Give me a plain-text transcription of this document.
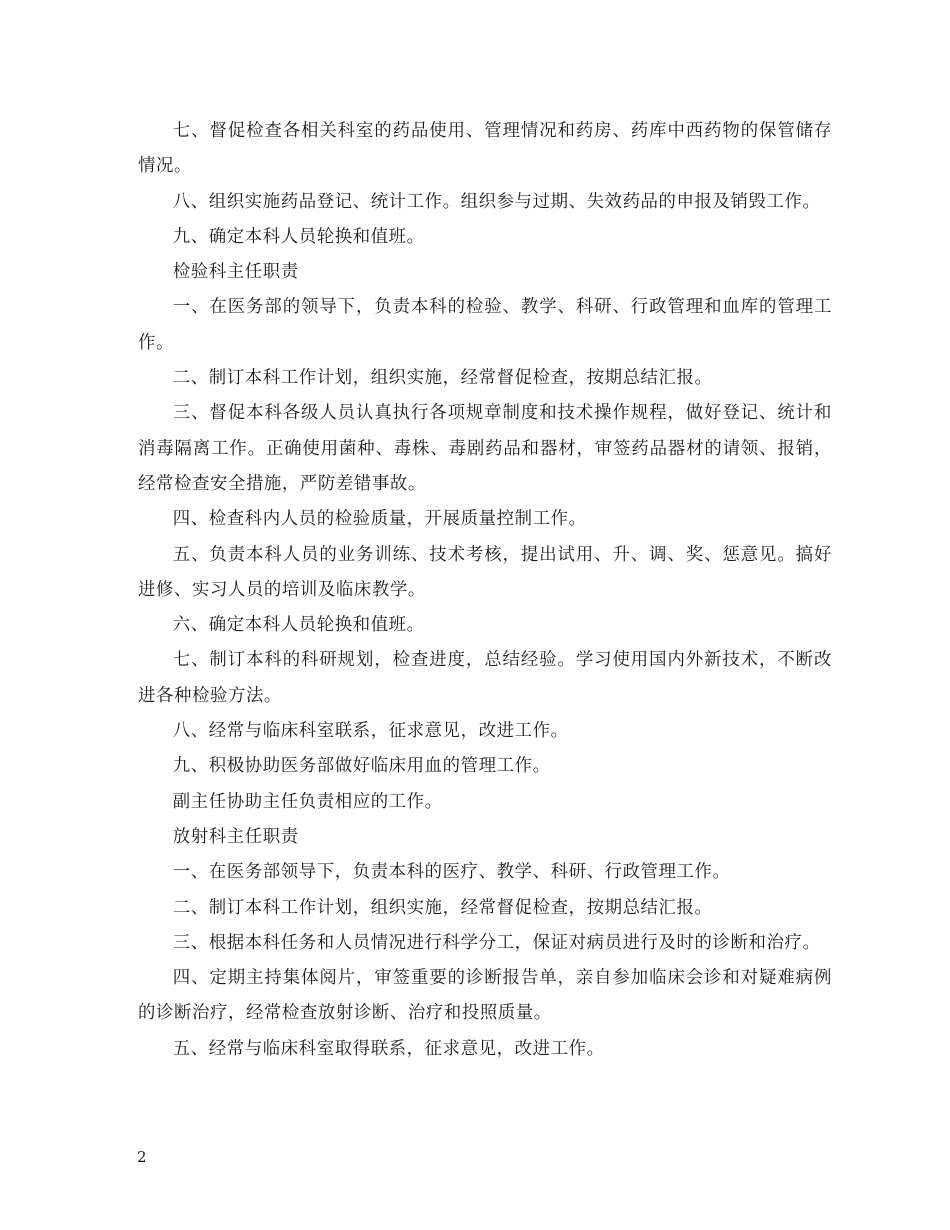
七、督促检查各相关科室的药品使用、管理情况和药房、药库中西药物的保管储存情况。

八、组织实施药品登记、统计工作。组织参与过期、失效药品的申报及销毁工作。

九、确定本科人员轮换和值班。

检验科主任职责

一、在医务部的领导下，负责本科的检验、教学、科研、行政管理和血库的管理工作。

二、制订本科工作计划，组织实施，经常督促检查，按期总结汇报。

三、督促本科各级人员认真执行各项规章制度和技术操作规程，做好登记、统计和消毒隔离工作。正确使用菌种、毒株、毒剧药品和器材，审签药品器材的请领、报销，经常检查安全措施，严防差错事故。

四、检查科内人员的检验质量，开展质量控制工作。

五、负责本科人员的业务训练、技术考核，提出试用、升、调、奖、惩意见。搞好进修、实习人员的培训及临床教学。

六、确定本科人员轮换和值班。

七、制订本科的科研规划，检查进度，总结经验。学习使用国内外新技术，不断改进各种检验方法。

八、经常与临床科室联系，征求意见，改进工作。

九、积极协助医务部做好临床用血的管理工作。

副主任协助主任负责相应的工作。

放射科主任职责

一、在医务部领导下，负责本科的医疗、教学、科研、行政管理工作。

二、制订本科工作计划，组织实施，经常督促检查，按期总结汇报。

三、根据本科任务和人员情况进行科学分工，保证对病员进行及时的诊断和治疗。

四、定期主持集体阅片，审签重要的诊断报告单，亲自参加临床会诊和对疑难病例的诊断治疗，经常检查放射诊断、治疗和投照质量。

五、经常与临床科室取得联系，征求意见，改进工作。

2
